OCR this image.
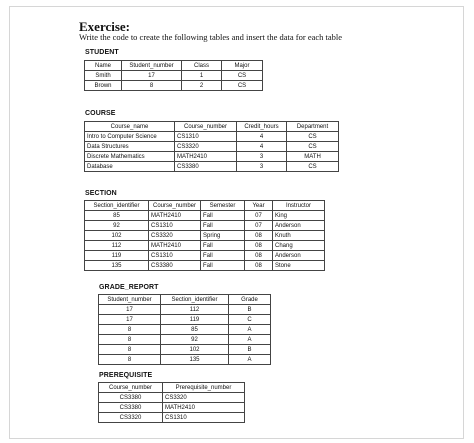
Exercise:
Write the code to create the following tables and insert the data for each table
STUDENT
Name	Student_number	Class	Major
Smith	17	1	CS
Brown	8	2	CS
COURSE
Course_name	Course_number	Credit_hours	Department
Intro to Computer Science	CS1310	4	CS
Data Structures	CS3320	4	CS
Discrete Mathematics	MATH2410	3	MATH
Database	CS3380	3	CS
SECTION
Section_identifier	Course_number	Semester	Year	Instructor
85	MATH2410	Fall	07	King
92	CS1310	Fall	07	Anderson
102	CS3320	Spring	08	Knuth
112	MATH2410	Fall	08	Chang
119	CS1310	Fall	08	Anderson
135	CS3380	Fall	08	Stone
GRADE_REPORT
Student_number	Section_identifier	Grade
17	112	B
17	119	C
8	85	A
8	92	A
8	102	B
8	135	A
PREREQUISITE
Course_number	Prerequisite_number
CS3380	CS3320
CS3380	MATH2410
CS3320	CS1310
